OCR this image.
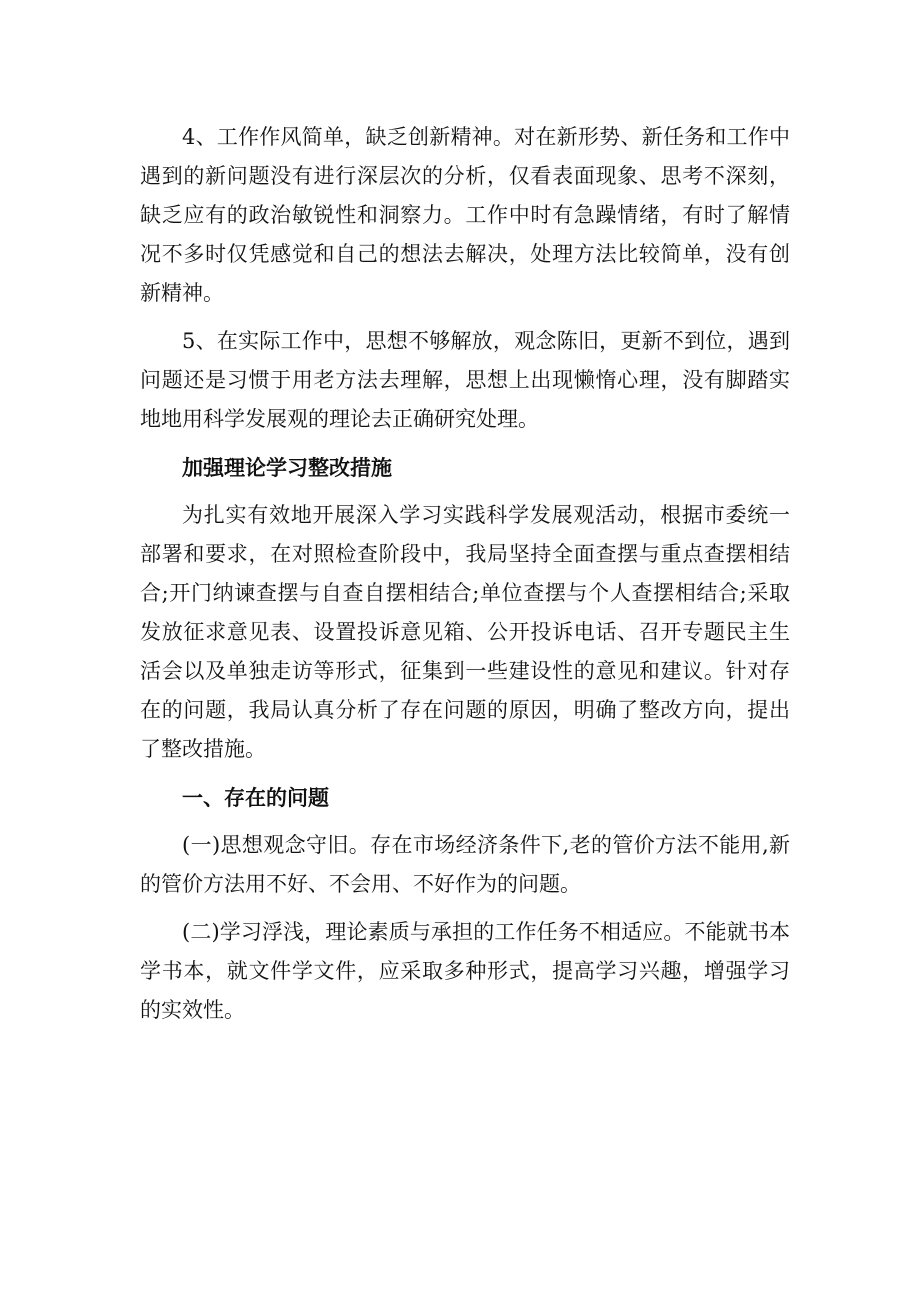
4、工作作风简单，缺乏创新精神。对在新形势、新任务和工作中遇到的新问题没有进行深层次的分析，仅看表面现象、思考不深刻，缺乏应有的政治敏锐性和洞察力。工作中时有急躁情绪，有时了解情况不多时仅凭感觉和自己的想法去解决，处理方法比较简单，没有创新精神。

5、在实际工作中，思想不够解放，观念陈旧，更新不到位，遇到问题还是习惯于用老方法去理解，思想上出现懒惰心理，没有脚踏实地地用科学发展观的理论去正确研究处理。

加强理论学习整改措施

为扎实有效地开展深入学习实践科学发展观活动，根据市委统一部署和要求，在对照检查阶段中，我局坚持全面查摆与重点查摆相结合;开门纳谏查摆与自查自摆相结合;单位查摆与个人查摆相结合;采取发放征求意见表、设置投诉意见箱、公开投诉电话、召开专题民主生活会以及单独走访等形式，征集到一些建设性的意见和建议。针对存在的问题，我局认真分析了存在问题的原因，明确了整改方向，提出了整改措施。

一、存在的问题

(一)思想观念守旧。存在市场经济条件下,老的管价方法不能用,新的管价方法用不好、不会用、不好作为的问题。

(二)学习浮浅，理论素质与承担的工作任务不相适应。不能就书本学书本，就文件学文件，应采取多种形式，提高学习兴趣，增强学习的实效性。
